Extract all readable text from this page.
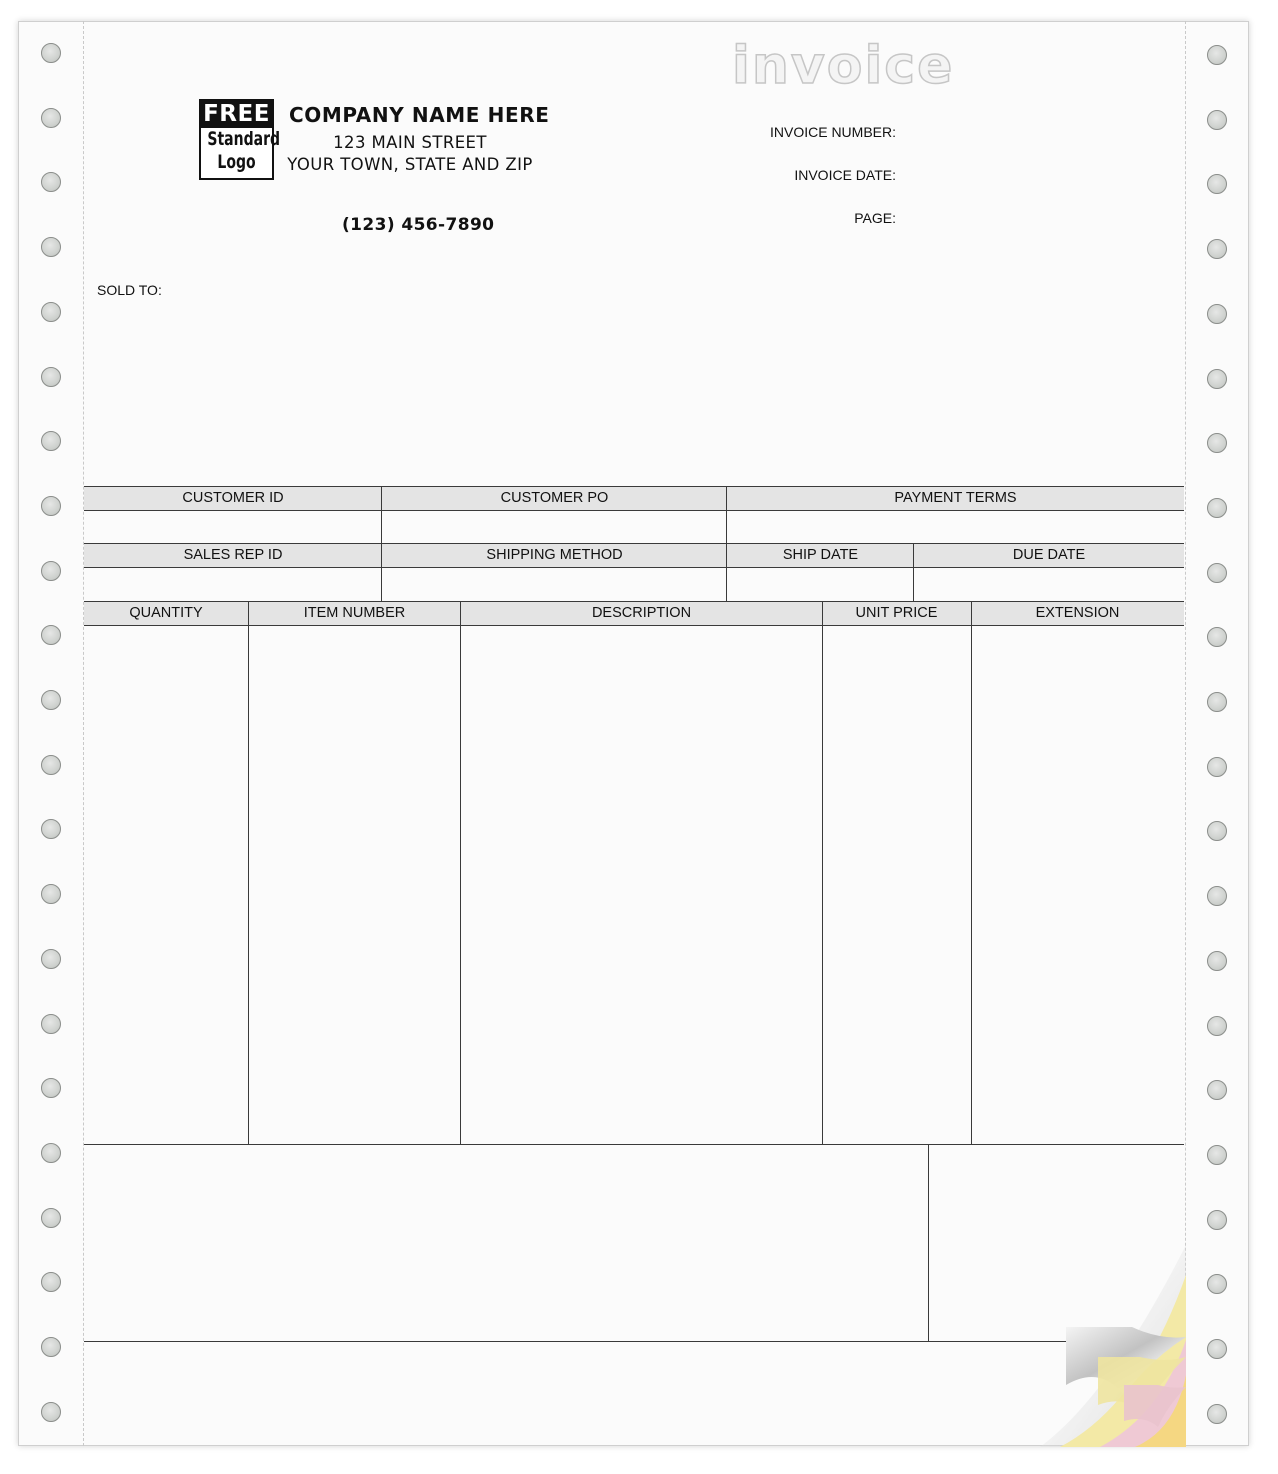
invoice
FREE
Standard
Logo
COMPANY NAME HERE
123 MAIN STREET
YOUR TOWN, STATE AND ZIP
(123) 456-7890
INVOICE NUMBER:
INVOICE DATE:
PAGE:
SOLD TO:
CUSTOMER ID	CUSTOMER PO	PAYMENT TERMS
SALES REP ID	SHIPPING METHOD	SHIP DATE	DUE DATE
QUANTITY	ITEM NUMBER	DESCRIPTION	UNIT PRICE	EXTENSION
